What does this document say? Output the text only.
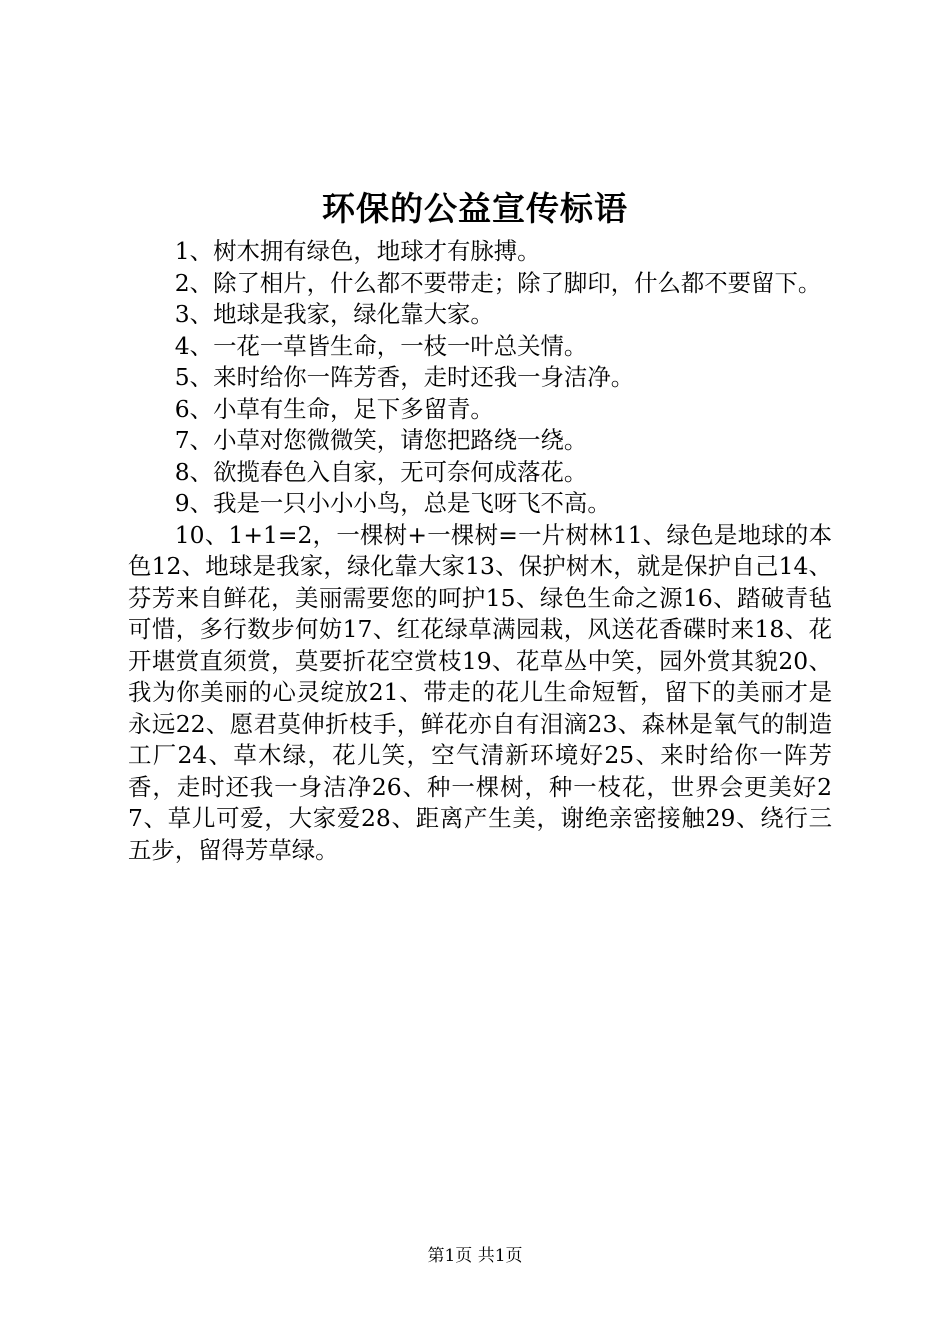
环保的公益宣传标语

1、树木拥有绿色，地球才有脉搏。

2、除了相片，什么都不要带走；除了脚印，什么都不要留下。

3、地球是我家，绿化靠大家。

4、一花一草皆生命，一枝一叶总关情。

5、来时给你一阵芳香，走时还我一身洁净。

6、小草有生命，足下多留青。

7、小草对您微微笑，请您把路绕一绕。

8、欲揽春色入自家，无可奈何成落花。

9、我是一只小小小鸟，总是飞呀飞不高。

10、1+1=2，一棵树+一棵树=一片树林11、绿色是地球的本色12、地球是我家，绿化靠大家13、保护树木，就是保护自己14、芬芳来自鲜花，美丽需要您的呵护15、绿色生命之源16、踏破青毡可惜，多行数步何妨17、红花绿草满园栽，风送花香碟时来18、花开堪赏直须赏，莫要折花空赏枝19、花草丛中笑，园外赏其貌20、我为你美丽的心灵绽放21、带走的花儿生命短暂，留下的美丽才是永远22、愿君莫伸折枝手，鲜花亦自有泪滴23、森林是氧气的制造工厂24、草木绿，花儿笑，空气清新环境好25、来时给你一阵芳香，走时还我一身洁净26、种一棵树，种一枝花，世界会更美好27、草儿可爱，大家爱28、距离产生美，谢绝亲密接触29、绕行三五步，留得芳草绿。

第1页 共1页
